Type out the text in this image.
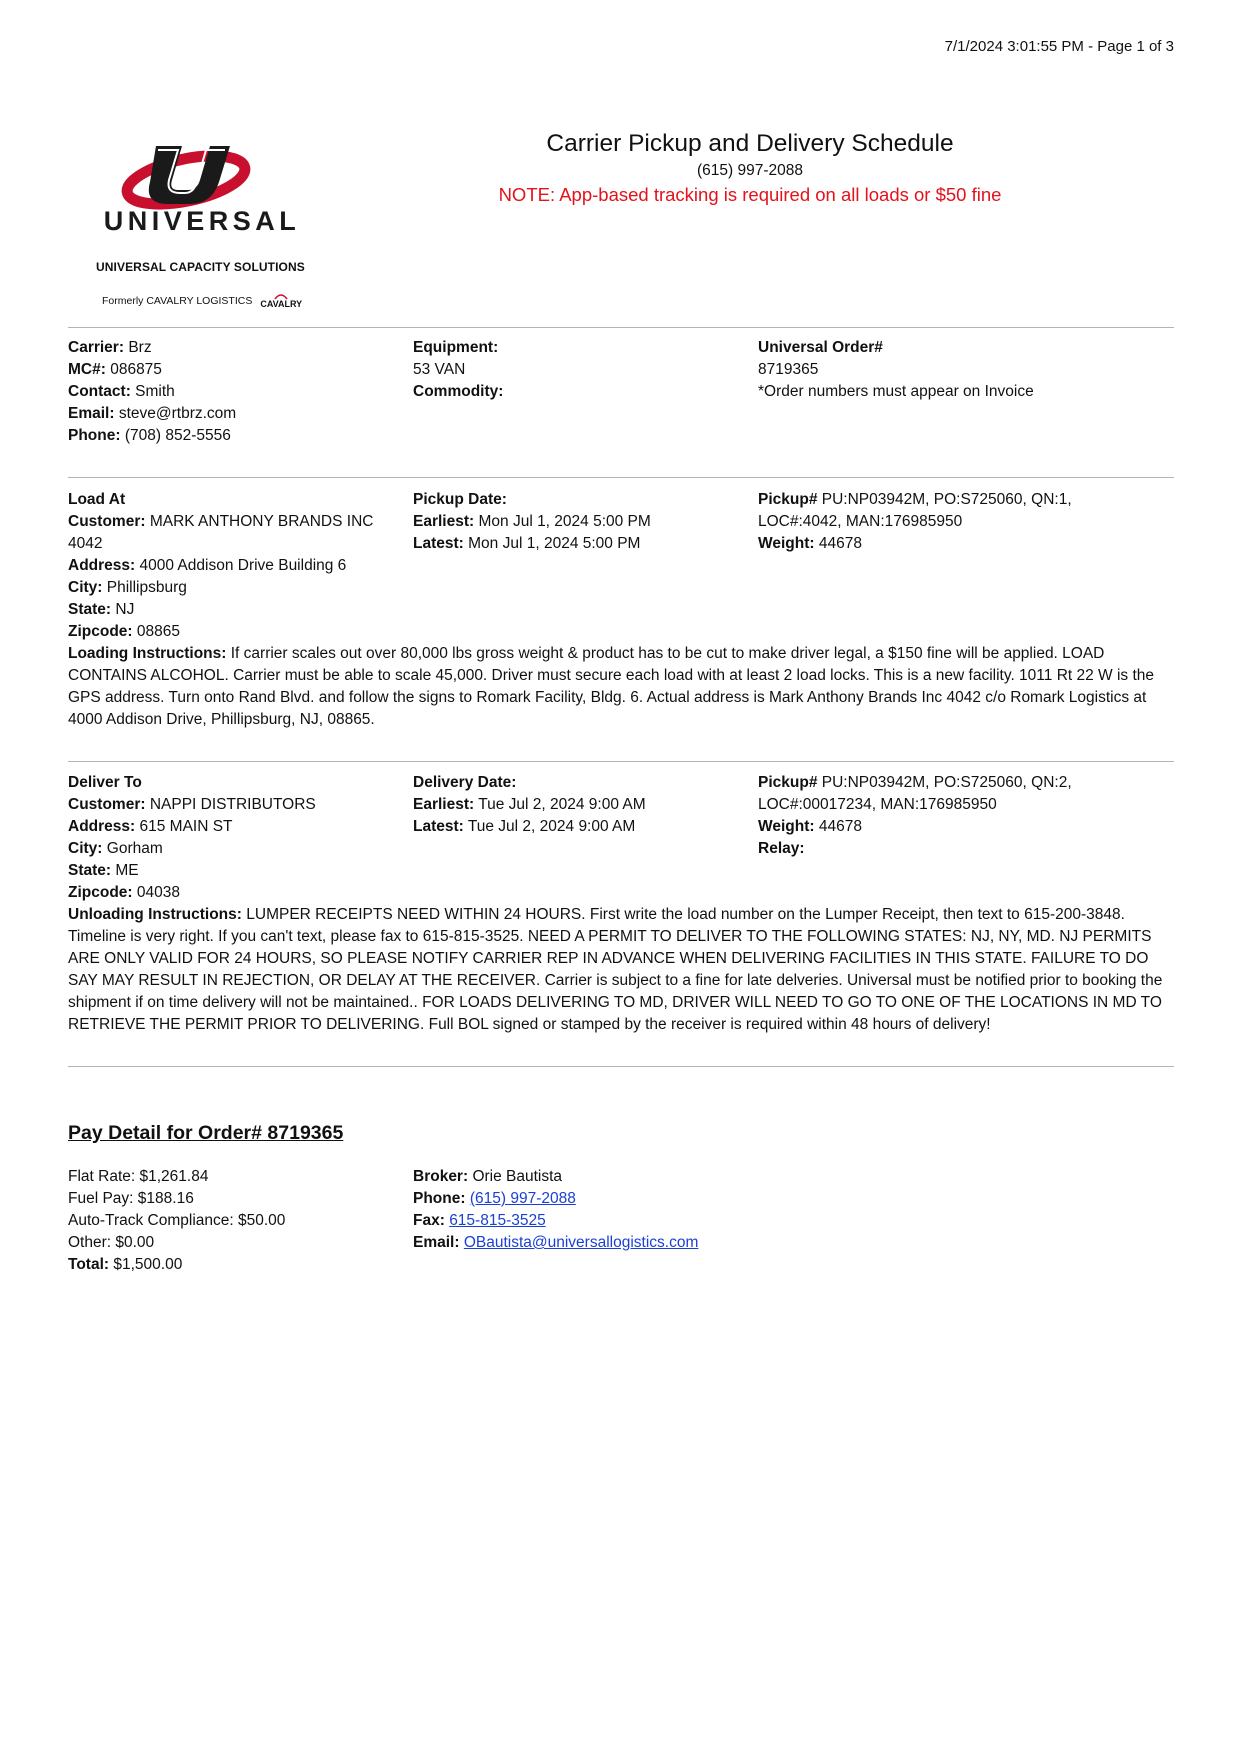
7/1/2024 3:01:55 PM - Page 1 of 3
UNIVERSAL
UNIVERSAL CAPACITY SOLUTIONS
Formerly CAVALRY LOGISTICS CAVALRY
Carrier Pickup and Delivery Schedule
(615) 997-2088
NOTE: App-based tracking is required on all loads or $50 fine
Carrier: Brz
MC#: 086875
Contact: Smith
Email: steve@rtbrz.com
Phone: (708) 852-5556
Equipment:
53 VAN
Commodity:
Universal Order#
8719365
*Order numbers must appear on Invoice
Load At
Customer: MARK ANTHONY BRANDS INC
4042
Address: 4000 Addison Drive Building 6
City: Phillipsburg
State: NJ
Zipcode: 08865
Pickup Date:
Earliest: Mon Jul 1, 2024 5:00 PM
Latest: Mon Jul 1, 2024 5:00 PM
Pickup# PU:NP03942M, PO:S725060, QN:1,
LOC#:4042, MAN:176985950
Weight: 44678
Loading Instructions: If carrier scales out over 80,000 lbs gross weight & product has to be cut to make driver legal, a $150 fine will be applied. LOAD CONTAINS ALCOHOL. Carrier must be able to scale 45,000. Driver must secure each load with at least 2 load locks. This is a new facility. 1011 Rt 22 W is the GPS address. Turn onto Rand Blvd. and follow the signs to Romark Facility, Bldg. 6. Actual address is Mark Anthony Brands Inc 4042 c/o Romark Logistics at 4000 Addison Drive, Phillipsburg, NJ, 08865.
Deliver To
Customer: NAPPI DISTRIBUTORS
Address: 615 MAIN ST
City: Gorham
State: ME
Zipcode: 04038
Delivery Date:
Earliest: Tue Jul 2, 2024 9:00 AM
Latest: Tue Jul 2, 2024 9:00 AM
Pickup# PU:NP03942M, PO:S725060, QN:2,
LOC#:00017234, MAN:176985950
Weight: 44678
Relay:
Unloading Instructions: LUMPER RECEIPTS NEED WITHIN 24 HOURS. First write the load number on the Lumper Receipt, then text to 615-200-3848. Timeline is very right. If you can't text, please fax to 615-815-3525. NEED A PERMIT TO DELIVER TO THE FOLLOWING STATES: NJ, NY, MD. NJ PERMITS ARE ONLY VALID FOR 24 HOURS, SO PLEASE NOTIFY CARRIER REP IN ADVANCE WHEN DELIVERING FACILITIES IN THIS STATE. FAILURE TO DO SAY MAY RESULT IN REJECTION, OR DELAY AT THE RECEIVER. Carrier is subject to a fine for late delveries. Universal must be notified prior to booking the shipment if on time delivery will not be maintained.. FOR LOADS DELIVERING TO MD, DRIVER WILL NEED TO GO TO ONE OF THE LOCATIONS IN MD TO RETRIEVE THE PERMIT PRIOR TO DELIVERING. Full BOL signed or stamped by the receiver is required within 48 hours of delivery!
Pay Detail for Order# 8719365
Flat Rate: $1,261.84
Fuel Pay: $188.16
Auto-Track Compliance: $50.00
Other: $0.00
Total: $1,500.00
Broker: Orie Bautista
Phone: (615) 997-2088
Fax: 615-815-3525
Email: OBautista@universallogistics.com
